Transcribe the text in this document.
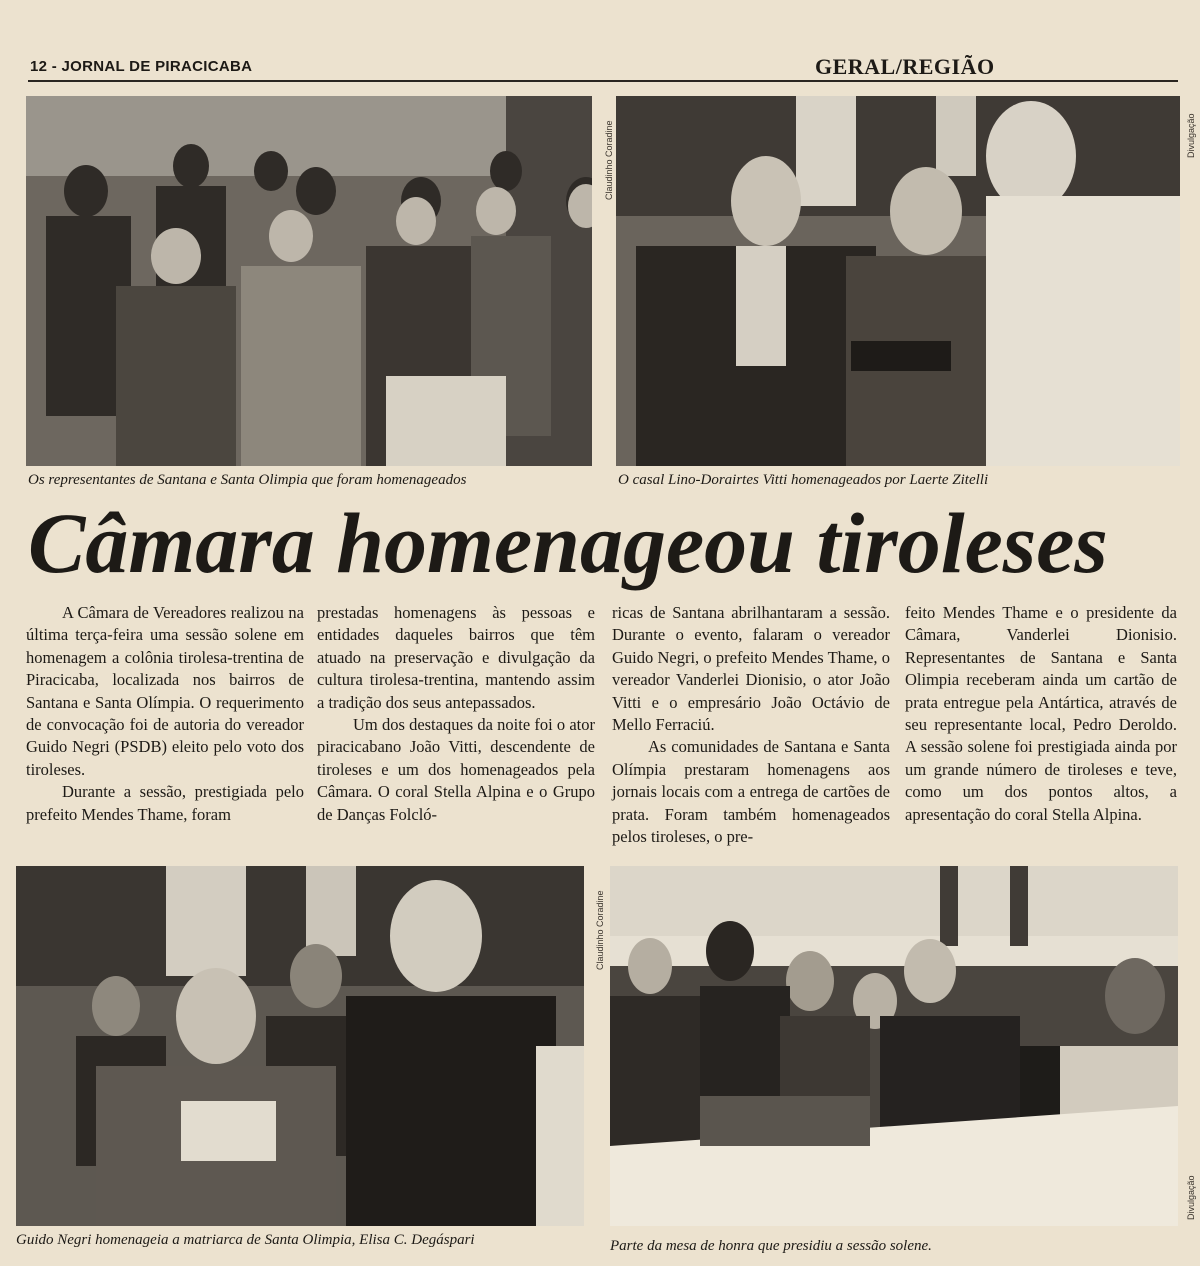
12 - JORNAL DE PIRACICABA	GERAL/REGIÃO
Claudinho Coradine	Divulgação
Os representantes de Santana e Santa Olimpia que foram homenageados	O casal Lino-Dorairtes Vitti homenageados por Laerte Zitelli
Câmara homenageou tiroleses

A Câmara de Vereadores realizou na última terça-feira uma sessão solene em homenagem a colônia tirolesa-trentina de Piracicaba, localizada nos bairros de Santana e Santa Olímpia. O requerimento de convocação foi de autoria do vereador Guido Negri (PSDB) eleito pelo voto dos tiroleses.

Durante a sessão, prestigiada pelo prefeito Mendes Thame, foram

prestadas homenagens às pessoas e entidades daqueles bairros que têm atuado na preservação e divulgação da cultura tirolesa-trentina, mantendo assim a tradição dos seus antepassados.

Um dos destaques da noite foi o ator piracicabano João Vitti, descendente de tiroleses e um dos homenageados pela Câmara. O coral Stella Alpina e o Grupo de Danças Folcló-

ricas de Santana abrilhantaram a sessão. Durante o evento, falaram o vereador Guido Negri, o prefeito Mendes Thame, o vereador Vanderlei Dionisio, o ator João Vitti e o empresário João Octávio de Mello Ferraciú.

As comunidades de Santana e Santa Olímpia prestaram homenagens aos jornais locais com a entrega de cartões de prata. Foram também homenageados pelos tiroleses, o pre-

feito Mendes Thame e o presidente da Câmara, Vanderlei Dionisio. Representantes de Santana e Santa Olimpia receberam ainda um cartão de prata entregue pela Antártica, através de seu representante local, Pedro Deroldo. A sessão solene foi prestigiada ainda por um grande número de tiroleses e teve, como um dos pontos altos, a apresentação do coral Stella Alpina.

Claudinho Coradine
Divulgação
Guido Negri homenageia a matriarca de Santa Olimpia, Elisa C. Degáspari	Parte da mesa de honra que presidiu a sessão solene.
